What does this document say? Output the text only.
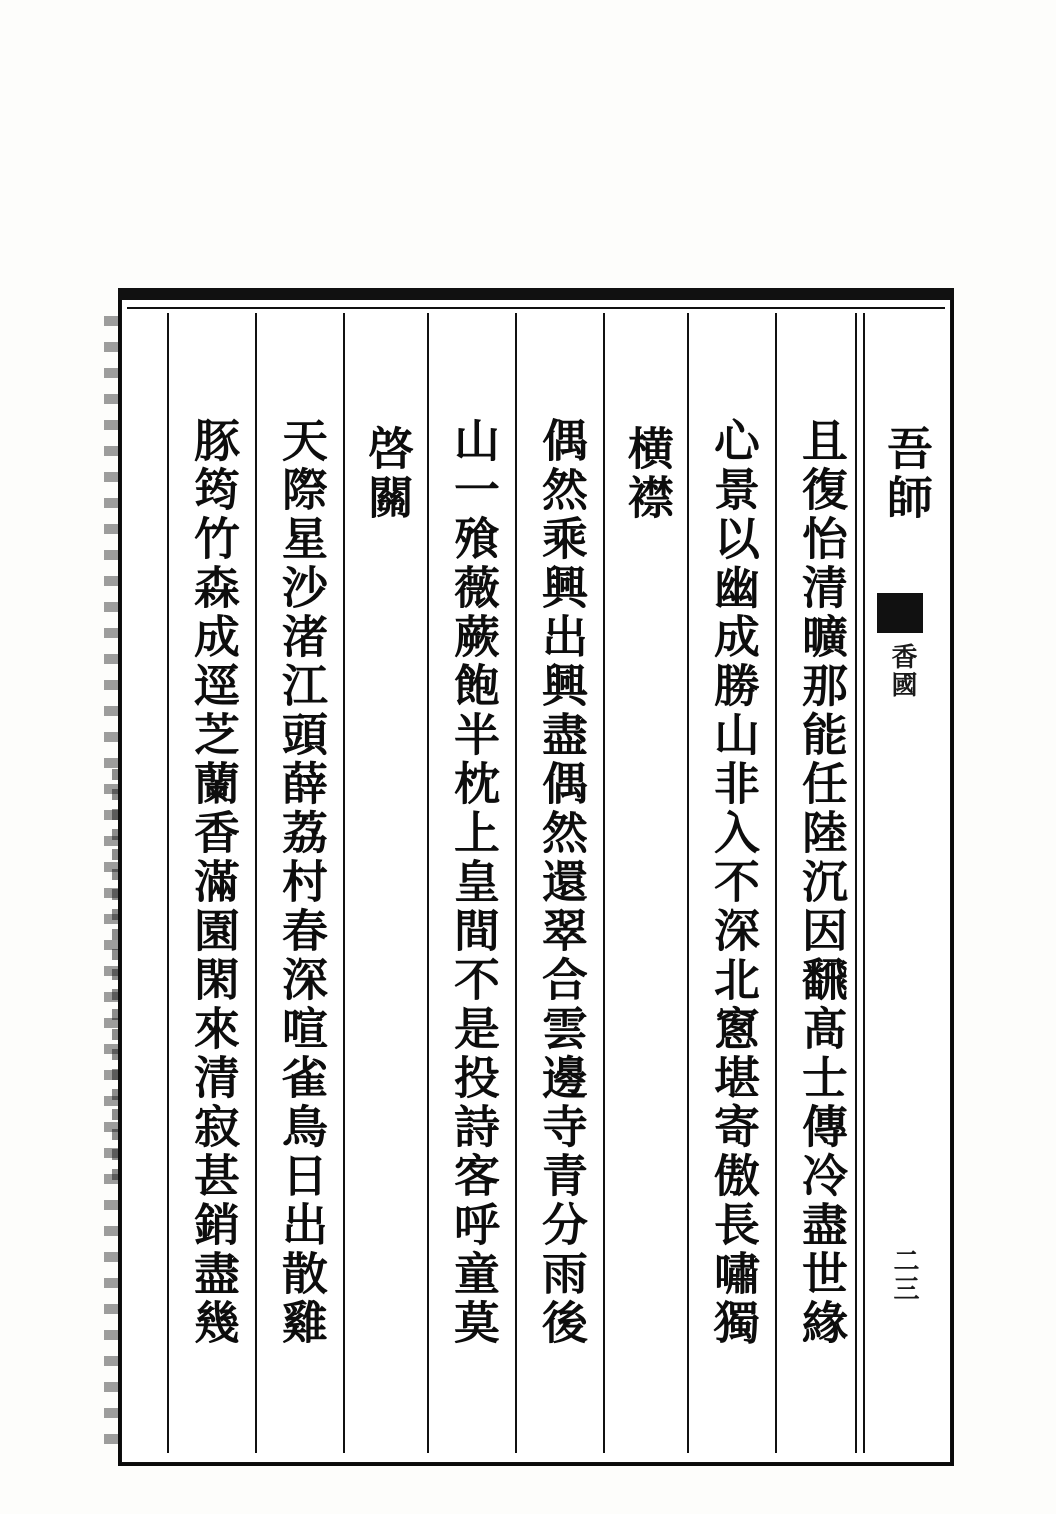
吾師
且復怡清曠那能任陸沉因飜髙士傳冷盡世緣
心景以幽成勝山非入不深北窻堪寄傲長嘯獨
横襟
偶然乘興出興盡偶然還翠合雲邊寺青分雨後
山一飱薇蕨飽半枕上皇間不是投詩客呼童莫
啓關
天際星沙渚江頭薛荔村春深喧雀鳥日出散雞
豚筠竹森成逕芝蘭香滿園閑來清寂甚銷盡幾	香國
二三
